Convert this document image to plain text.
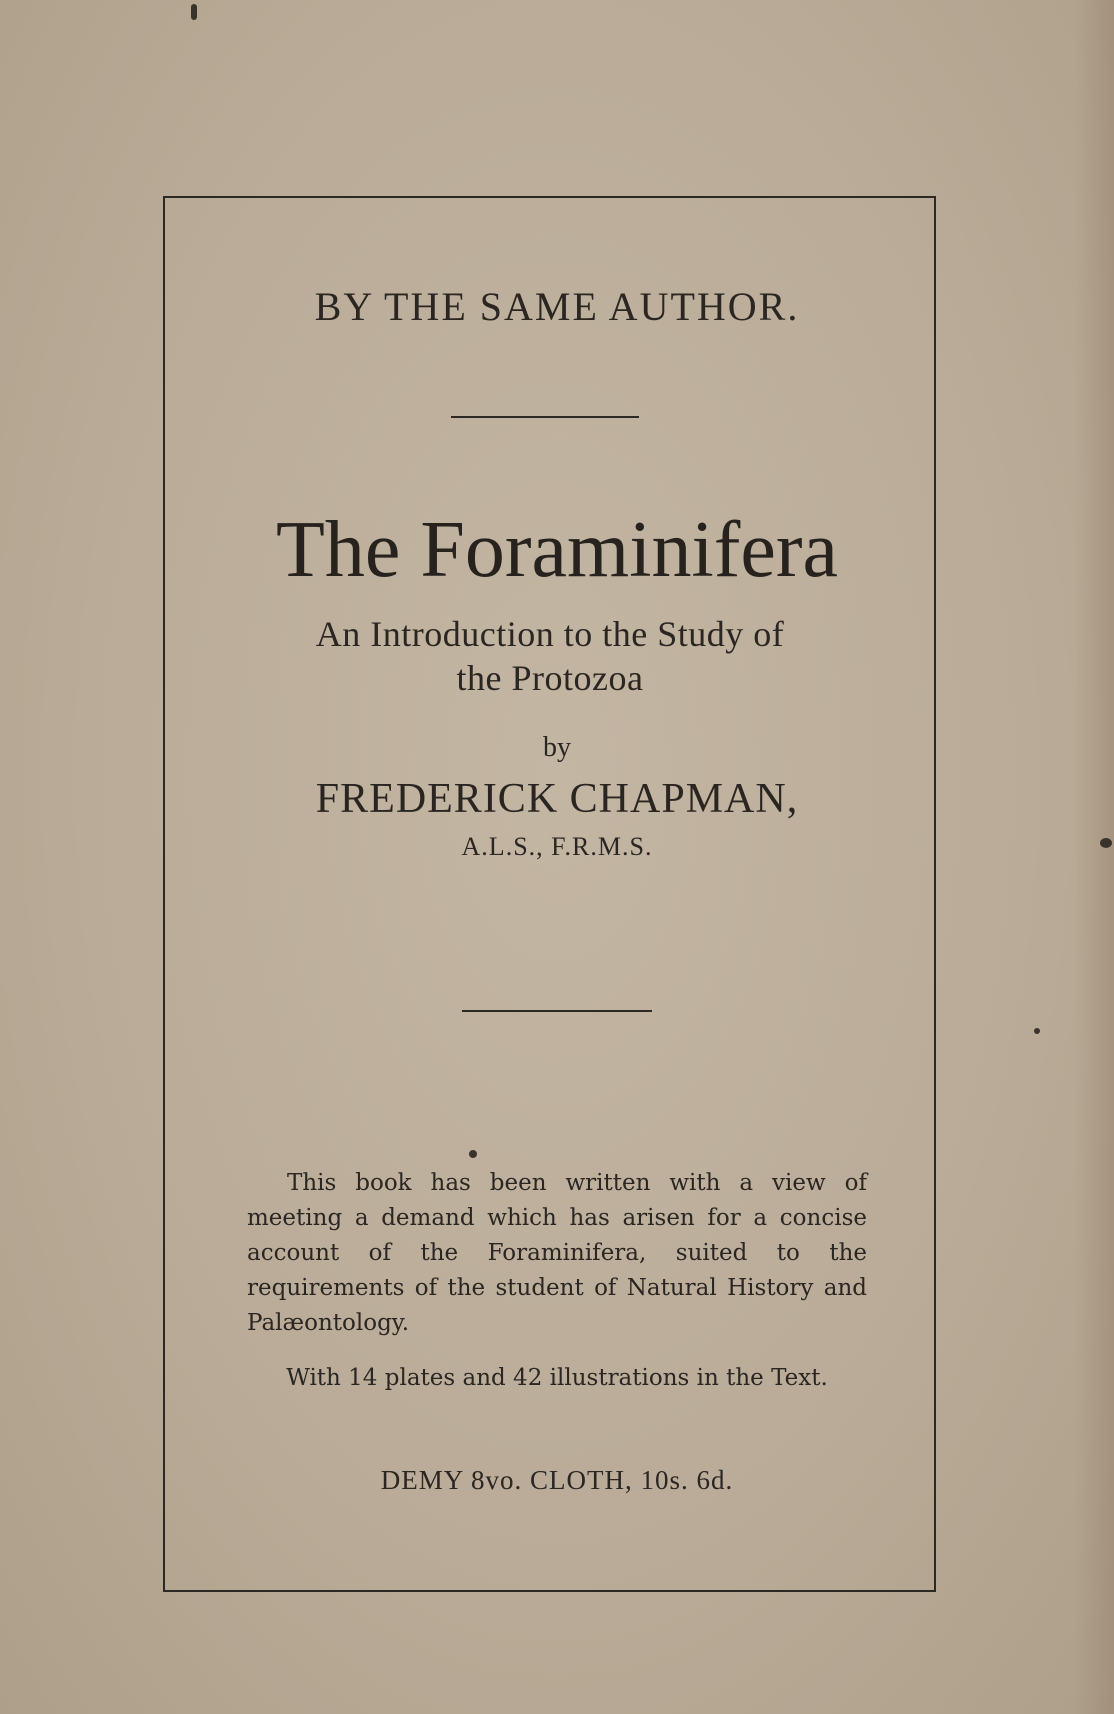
BY THE SAME AUTHOR.
The Foraminifera
An Introduction to the Study of
the Protozoa
by
FREDERICK CHAPMAN,
A.L.S., F.R.M.S.

This book has been written with a view of meeting a demand which has arisen for a concise account of the Foraminifera, suited to the requirements of the student of Natural History and Palæontology.

With 14 plates and 42 illustrations in the Text.

DEMY 8vo. CLOTH, 10s. 6d.
